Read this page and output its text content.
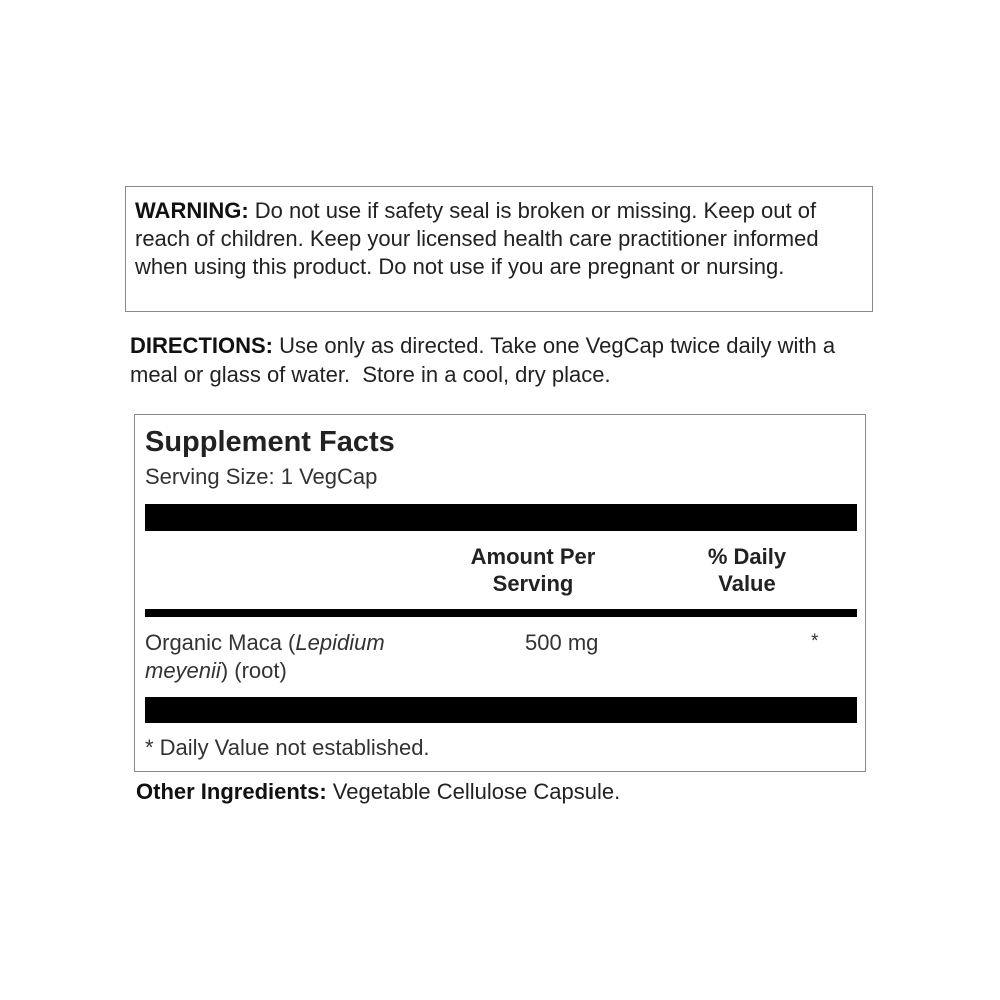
WARNING: Do not use if safety seal is broken or missing. Keep out of reach of children. Keep your licensed health care practitioner informed when using this product. Do not use if you are pregnant or nursing.
DIRECTIONS: Use only as directed. Take one VegCap twice daily with a meal or glass of water.  Store in a cool, dry place.
Supplement Facts
Serving Size: 1 VegCap
Amount Per
Serving
% Daily
Value
Organic Maca (Lepidium
meyenii) (root)
500 mg	*
* Daily Value not established.
Other Ingredients: Vegetable Cellulose Capsule.
